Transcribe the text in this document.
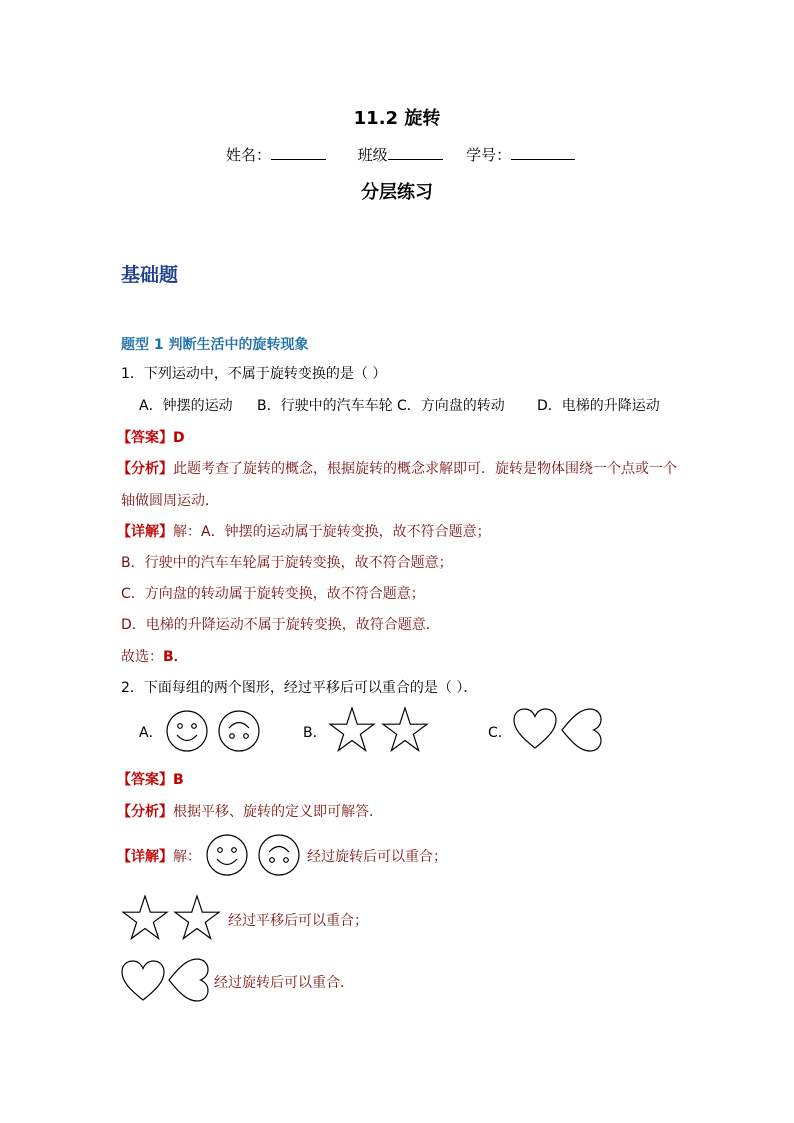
11.2 旋转
姓名：	班级	学号：
分层练习
基础题
题型 1 判断生活中的旋转现象
1．下列运动中，不属于旋转变换的是（ ）
A．钟摆的运动 B．行驶中的汽车车轮 C．方向盘的转动 D．电梯的升降运动
【答案】D
【分析】此题考查了旋转的概念，根据旋转的概念求解即可．旋转是物体围绕一个点或一个
轴做圆周运动．
【详解】解：A．钟摆的运动属于旋转变换，故不符合题意；
B．行驶中的汽车车轮属于旋转变换，故不符合题意；
C．方向盘的转动属于旋转变换，故不符合题意；
D．电梯的升降运动不属于旋转变换，故符合题意．
故选：B．
2．下面每组的两个图形，经过平移后可以重合的是（ ）．
A．	B．	C．
【答案】B
【分析】根据平移、旋转的定义即可解答．
【详解】解：	经过旋转后可以重合；
经过平移后可以重合；
经过旋转后可以重合．
